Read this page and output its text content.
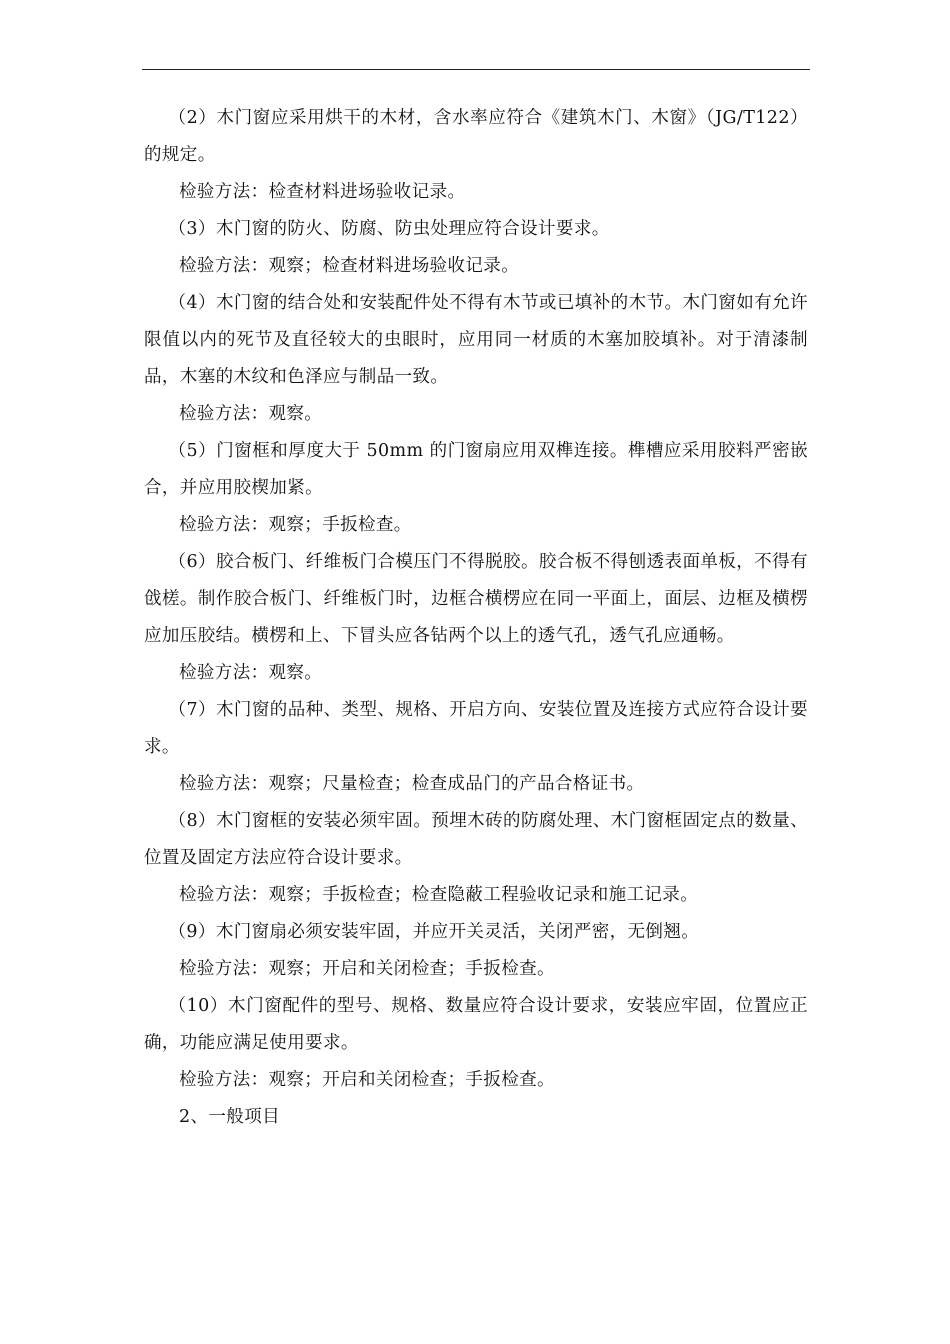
（2）木门窗应采用烘干的木材，含水率应符合《建筑木门、木窗》（JG/T122）的规定。

检验方法：检查材料进场验收记录。

（3）木门窗的防火、防腐、防虫处理应符合设计要求。

检验方法：观察；检查材料进场验收记录。

（4）木门窗的结合处和安装配件处不得有木节或已填补的木节。木门窗如有允许限值以内的死节及直径较大的虫眼时，应用同一材质的木塞加胶填补。对于清漆制品，木塞的木纹和色泽应与制品一致。

检验方法：观察。

（5）门窗框和厚度大于 50mm 的门窗扇应用双榫连接。榫槽应采用胶料严密嵌合，并应用胶楔加紧。

检验方法：观察；手扳检查。

（6）胶合板门、纤维板门合模压门不得脱胶。胶合板不得刨透表面单板，不得有戗槎。制作胶合板门、纤维板门时，边框合横楞应在同一平面上，面层、边框及横楞应加压胶结。横楞和上、下冒头应各钻两个以上的透气孔，透气孔应通畅。

检验方法：观察。

（7）木门窗的品种、类型、规格、开启方向、安装位置及连接方式应符合设计要求。

检验方法：观察；尺量检查；检查成品门的产品合格证书。

（8）木门窗框的安装必须牢固。预埋木砖的防腐处理、木门窗框固定点的数量、位置及固定方法应符合设计要求。

检验方法：观察；手扳检查；检查隐蔽工程验收记录和施工记录。

（9）木门窗扇必须安装牢固，并应开关灵活，关闭严密，无倒翘。

检验方法：观察；开启和关闭检查；手扳检查。

（10）木门窗配件的型号、规格、数量应符合设计要求，安装应牢固，位置应正确，功能应满足使用要求。

检验方法：观察；开启和关闭检查；手扳检查。

2、一般项目
